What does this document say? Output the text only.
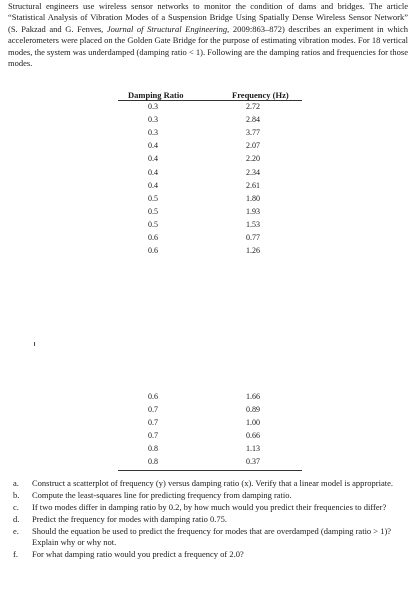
Structural engineers use wireless sensor networks to monitor the condition of dams and bridges. The article “Statistical Analysis of Vibration Modes of a Suspension Bridge Using Spatially Dense Wireless Sensor Network” (S. Pakzad and G. Fenves, Journal of Structural Engineering, 2009:863–872) describes an experiment in which accelerometers were placed on the Golden Gate Bridge for the purpose of estimating vibration modes. For 18 vertical modes, the system was underdamped (damping ratio < 1). Following are the damping ratios and frequencies for those modes.
Damping Ratio	Frequency (Hz)
0.3	2.72
0.3	2.84
0.3	3.77
0.4	2.07
0.4	2.20
0.4	2.34
0.4	2.61
0.5	1.80
0.5	1.93
0.5	1.53
0.6	0.77
0.6	1.26
0.6	1.66
0.7	0.89
0.7	1.00
0.7	0.66
0.8	1.13
0.8	0.37
a. Construct a scatterplot of frequency (y) versus damping ratio (x). Verify that a linear model is appropriate.
b. Compute the least-squares line for predicting frequency from damping ratio.
c. If two modes differ in damping ratio by 0.2, by how much would you predict their frequencies to differ?
d. Predict the frequency for modes with damping ratio 0.75.
e. Should the equation be used to predict the frequency for modes that are overdamped (damping ratio > 1)? Explain why or why not.
f. For what damping ratio would you predict a frequency of 2.0?
